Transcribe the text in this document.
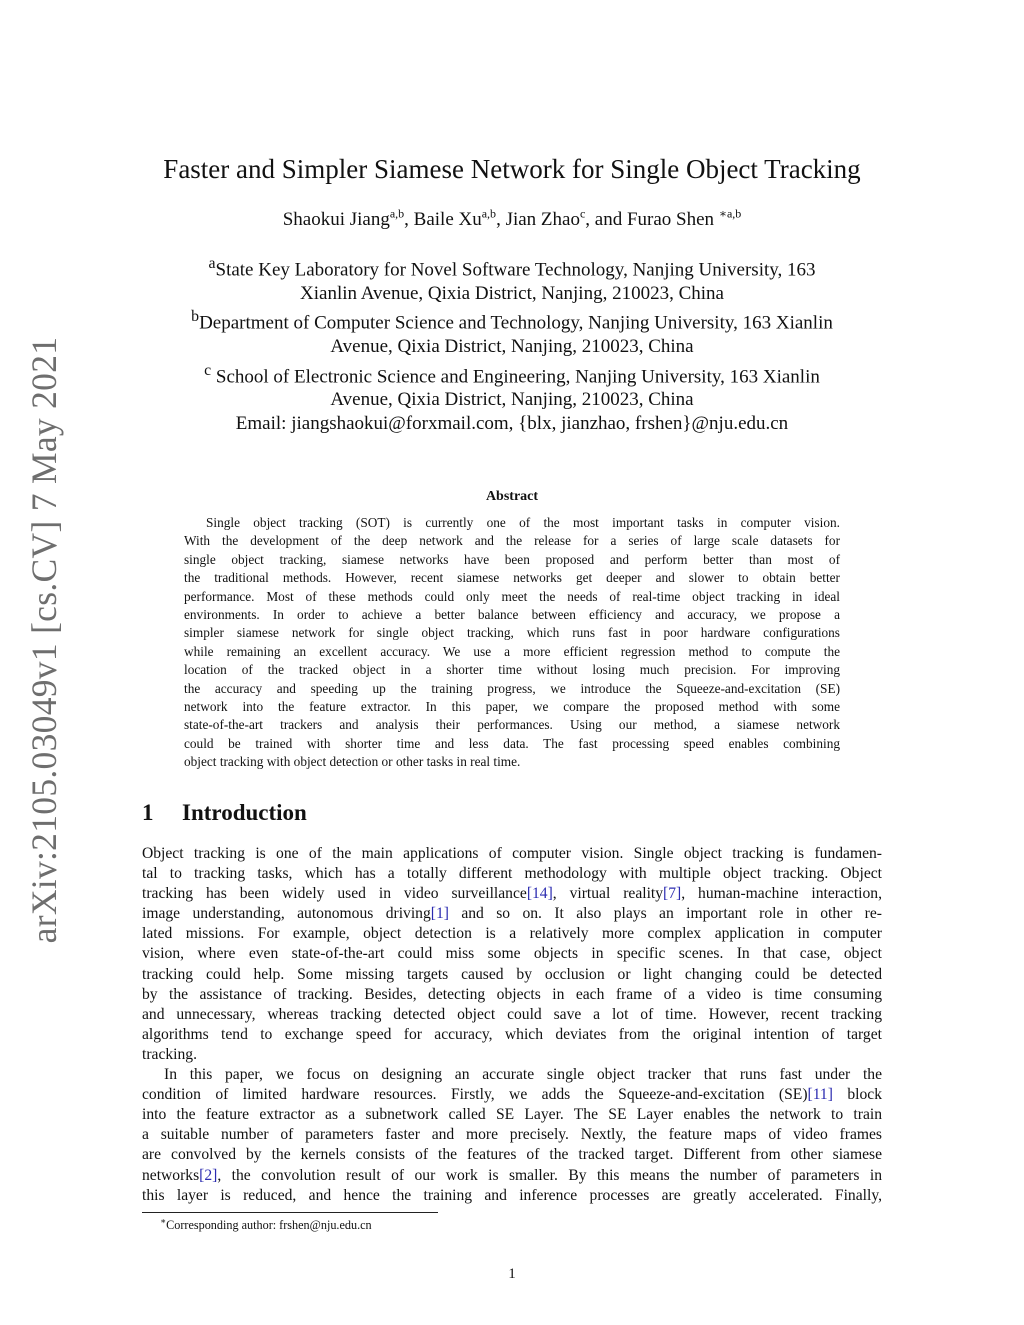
arXiv:2105.03049v1 [cs.CV] 7 May 2021
Faster and Simpler Siamese Network for Single Object Tracking
Shaokui Jiang$^{a,b}$, Baile Xu$^{a,b}$, Jian Zhao$^c$, and Furao Shen $^{∗a,b}$
$^a$State Key Laboratory for Novel Software Technology, Nanjing University, 163
Xianlin Avenue, Qixia District, Nanjing, 210023, China
$^b$Department of Computer Science and Technology, Nanjing University, 163 Xianlin
Avenue, Qixia District, Nanjing, 210023, China
$^c$ School of Electronic Science and Engineering, Nanjing University, 163 Xianlin
Avenue, Qixia District, Nanjing, 210023, China
Email: jiangshaokui@forxmail.com, {blx, jianzhao, frshen}@nju.edu.cn
Abstract
Single object tracking (SOT) is currently one of the most important tasks in computer vision.
With the development of the deep network and the release for a series of large scale datasets for
single object tracking, siamese networks have been proposed and perform better than most of
the traditional methods. However, recent siamese networks get deeper and slower to obtain better
performance. Most of these methods could only meet the needs of real-time object tracking in ideal
environments. In order to achieve a better balance between efficiency and accuracy, we propose a
simpler siamese network for single object tracking, which runs fast in poor hardware configurations
while remaining an excellent accuracy. We use a more efficient regression method to compute the
location of the tracked object in a shorter time without losing much precision. For improving
the accuracy and speeding up the training progress, we introduce the Squeeze-and-excitation (SE)
network into the feature extractor. In this paper, we compare the proposed method with some
state-of-the-art trackers and analysis their performances. Using our method, a siamese network
could be trained with shorter time and less data. The fast processing speed enables combining
object tracking with object detection or other tasks in real time.
1 Introduction
Object tracking is one of the main applications of computer vision. Single object tracking is fundamen-
tal to tracking tasks, which has a totally different methodology with multiple object tracking. Object
tracking has been widely used in video surveillance[14], virtual reality[7], human-machine interaction,
image understanding, autonomous driving[1] and so on. It also plays an important role in other re-
lated missions. For example, object detection is a relatively more complex application in computer
vision, where even state-of-the-art could miss some objects in specific scenes. In that case, object
tracking could help. Some missing targets caused by occlusion or light changing could be detected
by the assistance of tracking. Besides, detecting objects in each frame of a video is time consuming
and unnecessary, whereas tracking detected object could save a lot of time. However, recent tracking
algorithms tend to exchange speed for accuracy, which deviates from the original intention of target
tracking.
In this paper, we focus on designing an accurate single object tracker that runs fast under the
condition of limited hardware resources. Firstly, we adds the Squeeze-and-excitation (SE)[11] block
into the feature extractor as a subnetwork called SE Layer. The SE Layer enables the network to train
a suitable number of parameters faster and more precisely. Nextly, the feature maps of video frames
are convolved by the kernels consists of the features of the tracked target. Different from other siamese
networks[2], the convolution result of our work is smaller. By this means the number of parameters in
this layer is reduced, and hence the training and inference processes are greatly accelerated. Finally,
∗Corresponding author: frshen@nju.edu.cn
1
